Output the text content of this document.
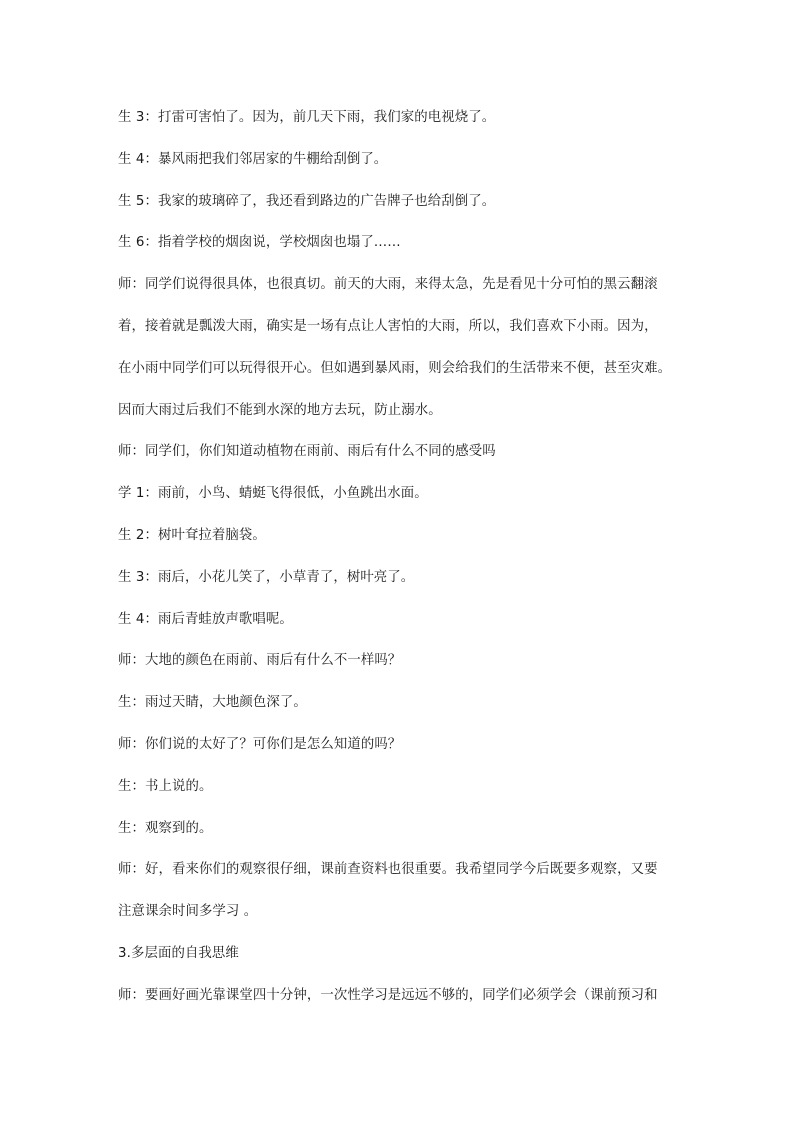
生 3：打雷可害怕了。因为，前几天下雨，我们家的电视烧了。
生 4：暴风雨把我们邻居家的牛棚给刮倒了。
生 5：我家的玻璃碎了，我还看到路边的广告牌子也给刮倒了。
生 6：指着学校的烟囱说，学校烟囱也塌了……
师：同学们说得很具体，也很真切。前天的大雨，来得太急，先是看见十分可怕的黑云翻滚
着，接着就是瓢泼大雨，确实是一场有点让人害怕的大雨，所以，我们喜欢下小雨。因为，
在小雨中同学们可以玩得很开心。但如遇到暴风雨，则会给我们的生活带来不便，甚至灾难。
因而大雨过后我们不能到水深的地方去玩，防止溺水。
师：同学们，你们知道动植物在雨前、雨后有什么不同的感受吗
学 1：雨前，小鸟、蜻蜓飞得很低，小鱼跳出水面。
生 2：树叶耷拉着脑袋。
生 3：雨后，小花儿笑了，小草青了，树叶亮了。
生 4：雨后青蛙放声歌唱呢。
师：大地的颜色在雨前、雨后有什么不一样吗？
生：雨过天睛，大地颜色深了。
师：你们说的太好了？可你们是怎么知道的吗？
生：书上说的。
生：观察到的。
师：好，看来你们的观察很仔细，课前查资料也很重要。我希望同学今后既要多观察，又要
注意课余时间多学习 。
3.多层面的自我思维
师：要画好画光靠课堂四十分钟，一次性学习是远远不够的，同学们必须学会（课前预习和
